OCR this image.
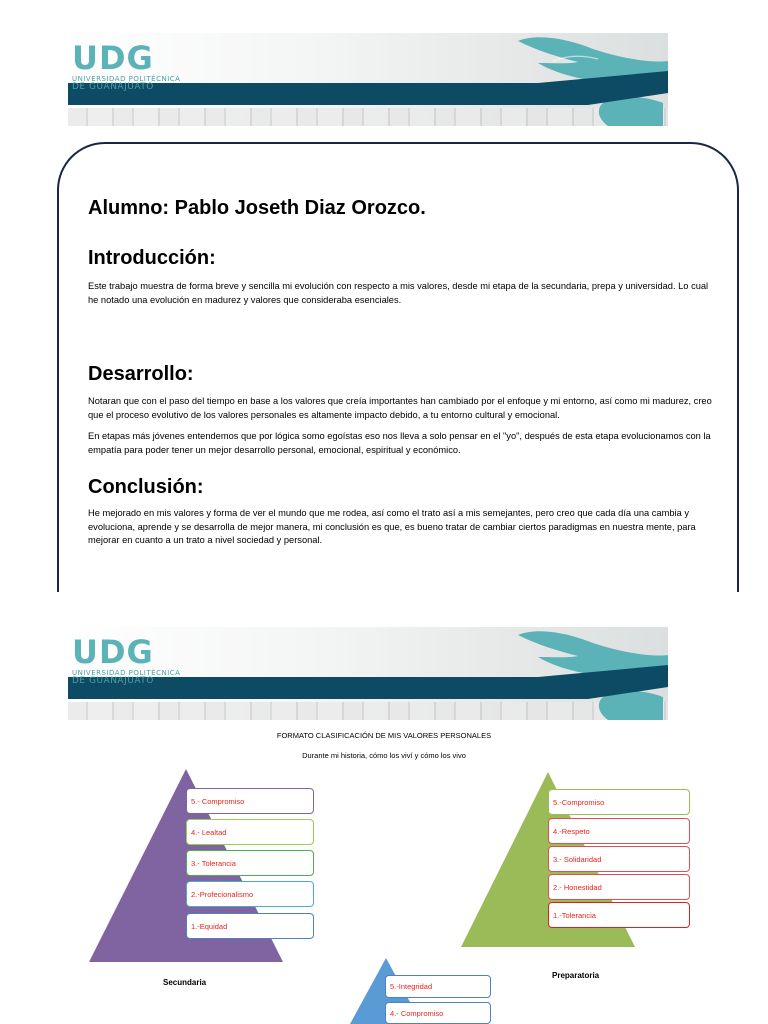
UDG
UNIVERSIDAD POLITÉCNICA
DE GUANAJUATO
Alumno: Pablo Joseth Diaz Orozco.
Introducción:

Este trabajo muestra de forma breve y sencilla mi evolución con respecto a mis valores, desde mi etapa de la secundaria, prepa y universidad. Lo cual he notado una evolución en madurez y valores que consideraba esenciales.

Desarrollo:

Notaran que con el paso del tiempo en base a los valores que creía importantes han cambiado por el enfoque y mi entorno, así como mi madurez, creo que el proceso evolutivo de los valores personales es altamente impacto debido, a tu entorno cultural y emocional.

En etapas más jóvenes entendemos que por lógica somo egoístas eso nos lleva a solo pensar en el "yo", después de esta etapa evolucionamos con la empatía para poder tener un mejor desarrollo personal, emocional, espiritual y económico.

Conclusión:

He mejorado en mis valores y forma de ver el mundo que me rodea, así como el trato así a mis semejantes, pero creo que cada día una cambia y evoluciona, aprende y se desarrolla de mejor manera, mi conclusión es que, es bueno tratar de cambiar ciertos paradigmas en nuestra mente, para mejorar en cuanto a un trato a nivel sociedad y personal.

UDG
UNIVERSIDAD POLITÉCNICA
DE GUANAJUATO
FORMATO CLASIFICACIÓN DE MIS VALORES PERSONALES
Durante mi historia, cómo los viví y cómo los vivo
5.- Compromiso
4.- Lealtad
3.- Tolerancia
2.-Profecionalismo
1.-Equidad
Secundaria
5.-Compromiso
4.-Respeto
3.- Solidaridad
2.- Honestidad
1.-Tolerancia
Preparatoria
5.-Integridad
4.- Compromiso
